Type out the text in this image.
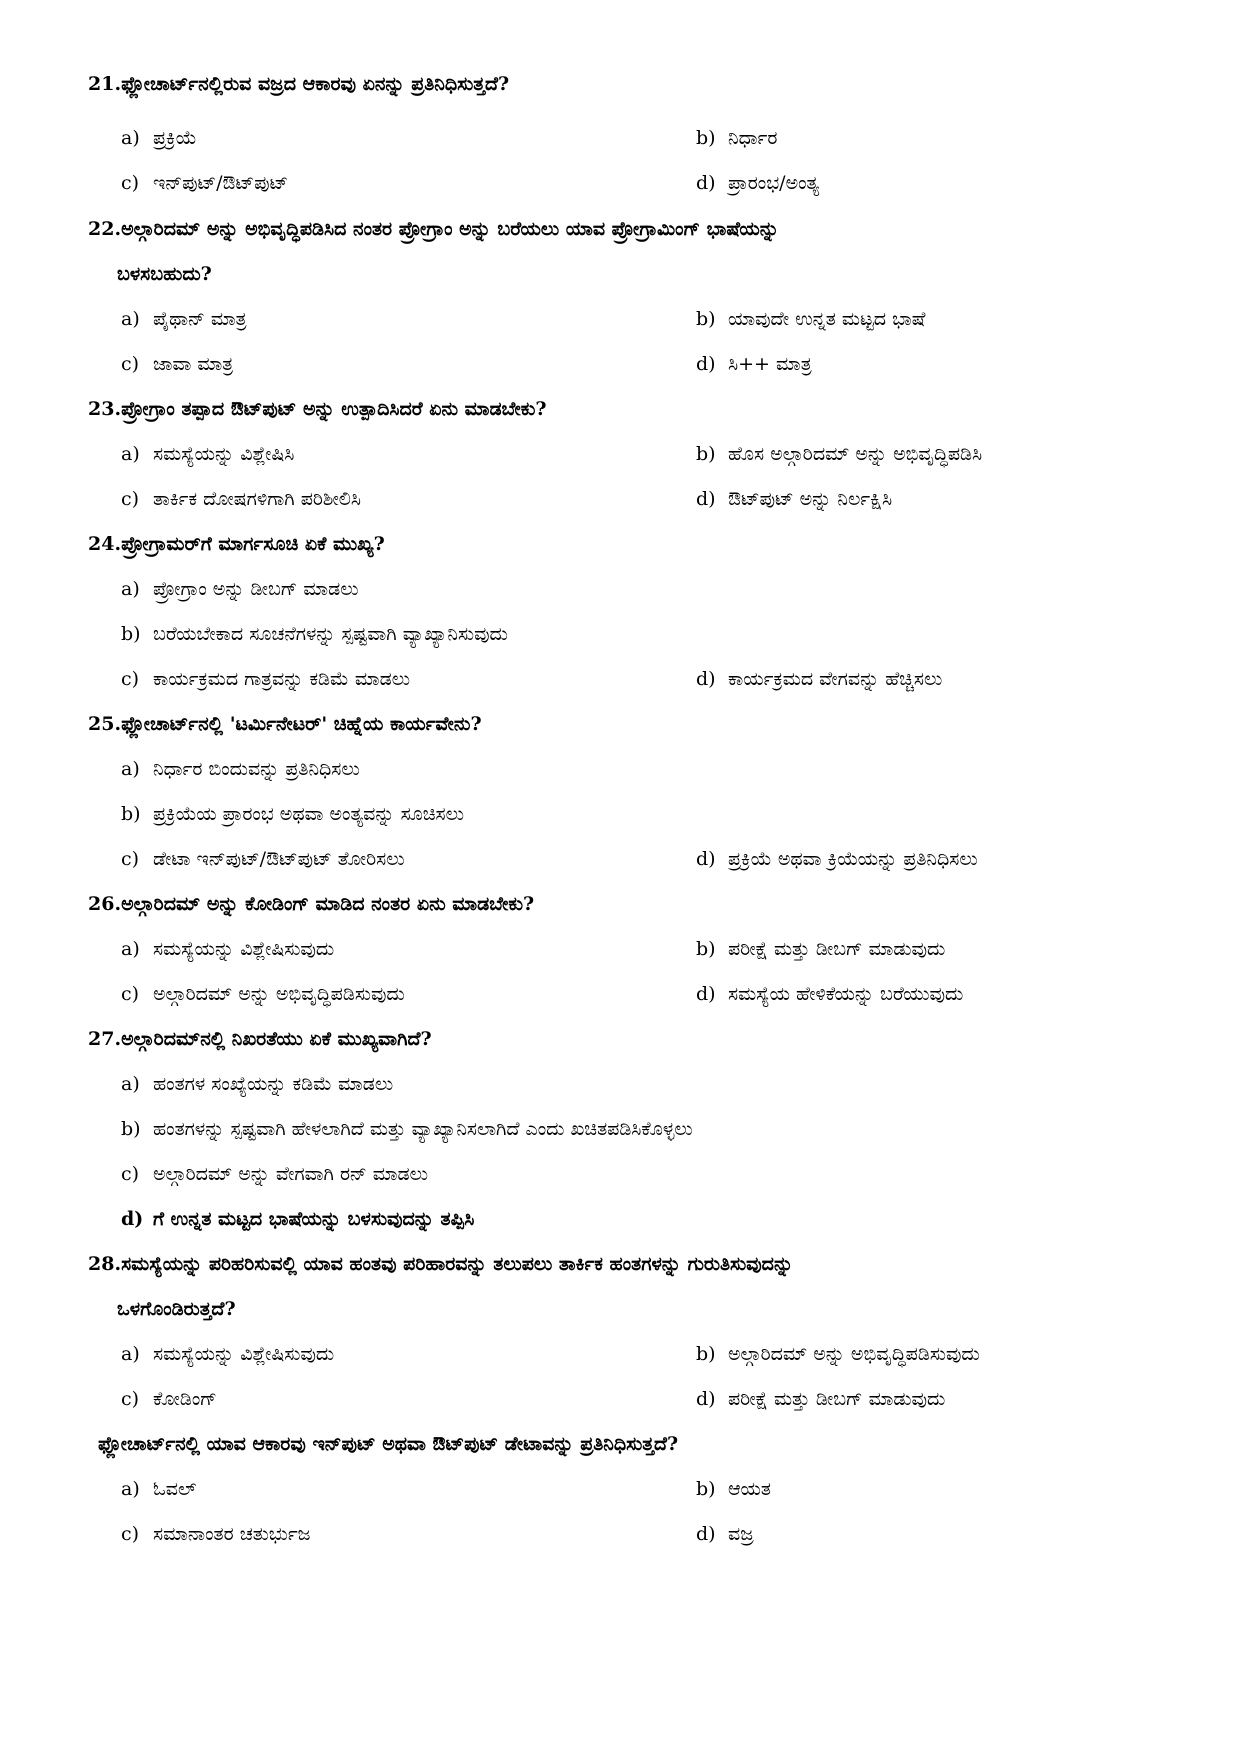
21.ಫ್ಲೋಚಾರ್ಟ್‌ನಲ್ಲಿರುವ ವಜ್ರದ ಆಕಾರವು ಏನನ್ನು ಪ್ರತಿನಿಧಿಸುತ್ತದೆ?
a) ಪ್ರಕ್ರಿಯೆ	b) ನಿರ್ಧಾರ
c) ಇನ್‌ಪುಟ್/ಔಟ್‌ಪುಟ್	d) ಪ್ರಾರಂಭ/ಅಂತ್ಯ
22.ಅಲ್ಗಾರಿದಮ್ ಅನ್ನು ಅಭಿವೃದ್ಧಿಪಡಿಸಿದ ನಂತರ ಪ್ರೋಗ್ರಾಂ ಅನ್ನು ಬರೆಯಲು ಯಾವ ಪ್ರೋಗ್ರಾಮಿಂಗ್ ಭಾಷೆಯನ್ನು
ಬಳಸಬಹುದು?
a) ಪೈಥಾನ್ ಮಾತ್ರ	b) ಯಾವುದೇ ಉನ್ನತ ಮಟ್ಟದ ಭಾಷೆ
c) ಜಾವಾ ಮಾತ್ರ	d) ಸಿ++ ಮಾತ್ರ
23.ಪ್ರೋಗ್ರಾಂ ತಪ್ಪಾದ ಔಟ್‌ಪುಟ್ ಅನ್ನು ಉತ್ಪಾದಿಸಿದರೆ ಏನು ಮಾಡಬೇಕು?
a) ಸಮಸ್ಯೆಯನ್ನು ವಿಶ್ಲೇಷಿಸಿ	b) ಹೊಸ ಅಲ್ಗಾರಿದಮ್ ಅನ್ನು ಅಭಿವೃದ್ಧಿಪಡಿಸಿ
c) ತಾರ್ಕಿಕ ದೋಷಗಳಿಗಾಗಿ ಪರಿಶೀಲಿಸಿ	d) ಔಟ್‌ಪುಟ್ ಅನ್ನು ನಿರ್ಲಕ್ಷಿಸಿ
24.ಪ್ರೋಗ್ರಾಮರ್‌ಗೆ ಮಾರ್ಗಸೂಚಿ ಏಕೆ ಮುಖ್ಯ?
a) ಪ್ರೋಗ್ರಾಂ ಅನ್ನು ಡೀಬಗ್ ಮಾಡಲು
b) ಬರೆಯಬೇಕಾದ ಸೂಚನೆಗಳನ್ನು ಸ್ಪಷ್ಟವಾಗಿ ವ್ಯಾಖ್ಯಾನಿಸುವುದು
c) ಕಾರ್ಯಕ್ರಮದ ಗಾತ್ರವನ್ನು ಕಡಿಮೆ ಮಾಡಲು	d) ಕಾರ್ಯಕ್ರಮದ ವೇಗವನ್ನು ಹೆಚ್ಚಿಸಲು
25.ಫ್ಲೋಚಾರ್ಟ್‌ನಲ್ಲಿ 'ಟರ್ಮಿನೇಟರ್' ಚಿಹ್ನೆಯ ಕಾರ್ಯವೇನು?
a) ನಿರ್ಧಾರ ಬಿಂದುವನ್ನು ಪ್ರತಿನಿಧಿಸಲು
b) ಪ್ರಕ್ರಿಯೆಯ ಪ್ರಾರಂಭ ಅಥವಾ ಅಂತ್ಯವನ್ನು ಸೂಚಿಸಲು
c) ಡೇಟಾ ಇನ್‌ಪುಟ್/ಔಟ್‌ಪುಟ್ ತೋರಿಸಲು	d) ಪ್ರಕ್ರಿಯೆ ಅಥವಾ ಕ್ರಿಯೆಯನ್ನು ಪ್ರತಿನಿಧಿಸಲು
26.ಅಲ್ಗಾರಿದಮ್ ಅನ್ನು ಕೋಡಿಂಗ್ ಮಾಡಿದ ನಂತರ ಏನು ಮಾಡಬೇಕು?
a) ಸಮಸ್ಯೆಯನ್ನು ವಿಶ್ಲೇಷಿಸುವುದು	b) ಪರೀಕ್ಷೆ ಮತ್ತು ಡೀಬಗ್ ಮಾಡುವುದು
c) ಅಲ್ಗಾರಿದಮ್ ಅನ್ನು ಅಭಿವೃದ್ಧಿಪಡಿಸುವುದು	d) ಸಮಸ್ಯೆಯ ಹೇಳಿಕೆಯನ್ನು ಬರೆಯುವುದು
27.ಅಲ್ಗಾರಿದಮ್‌ನಲ್ಲಿ ನಿಖರತೆಯು ಏಕೆ ಮುಖ್ಯವಾಗಿದೆ?
a) ಹಂತಗಳ ಸಂಖ್ಯೆಯನ್ನು ಕಡಿಮೆ ಮಾಡಲು
b) ಹಂತಗಳನ್ನು ಸ್ಪಷ್ಟವಾಗಿ ಹೇಳಲಾಗಿದೆ ಮತ್ತು ವ್ಯಾಖ್ಯಾನಿಸಲಾಗಿದೆ ಎಂದು ಖಚಿತಪಡಿಸಿಕೊಳ್ಳಲು
c) ಅಲ್ಗಾರಿದಮ್ ಅನ್ನು ವೇಗವಾಗಿ ರನ್ ಮಾಡಲು
d) ಗೆ ಉನ್ನತ ಮಟ್ಟದ ಭಾಷೆಯನ್ನು ಬಳಸುವುದನ್ನು ತಪ್ಪಿಸಿ
28.ಸಮಸ್ಯೆಯನ್ನು ಪರಿಹರಿಸುವಲ್ಲಿ ಯಾವ ಹಂತವು ಪರಿಹಾರವನ್ನು ತಲುಪಲು ತಾರ್ಕಿಕ ಹಂತಗಳನ್ನು ಗುರುತಿಸುವುದನ್ನು
ಒಳಗೊಂಡಿರುತ್ತದೆ?
a) ಸಮಸ್ಯೆಯನ್ನು ವಿಶ್ಲೇಷಿಸುವುದು	b) ಅಲ್ಗಾರಿದಮ್ ಅನ್ನು ಅಭಿವೃದ್ಧಿಪಡಿಸುವುದು
c) ಕೋಡಿಂಗ್	d) ಪರೀಕ್ಷೆ ಮತ್ತು ಡೀಬಗ್ ಮಾಡುವುದು
ಫ್ಲೋಚಾರ್ಟ್‌ನಲ್ಲಿ ಯಾವ ಆಕಾರವು ಇನ್‌ಪುಟ್ ಅಥವಾ ಔಟ್‌ಪುಟ್ ಡೇಟಾವನ್ನು ಪ್ರತಿನಿಧಿಸುತ್ತದೆ?
a) ಓವಲ್	b) ಆಯತ
c) ಸಮಾನಾಂತರ ಚತುರ್ಭುಜ	d) ವಜ್ರ
